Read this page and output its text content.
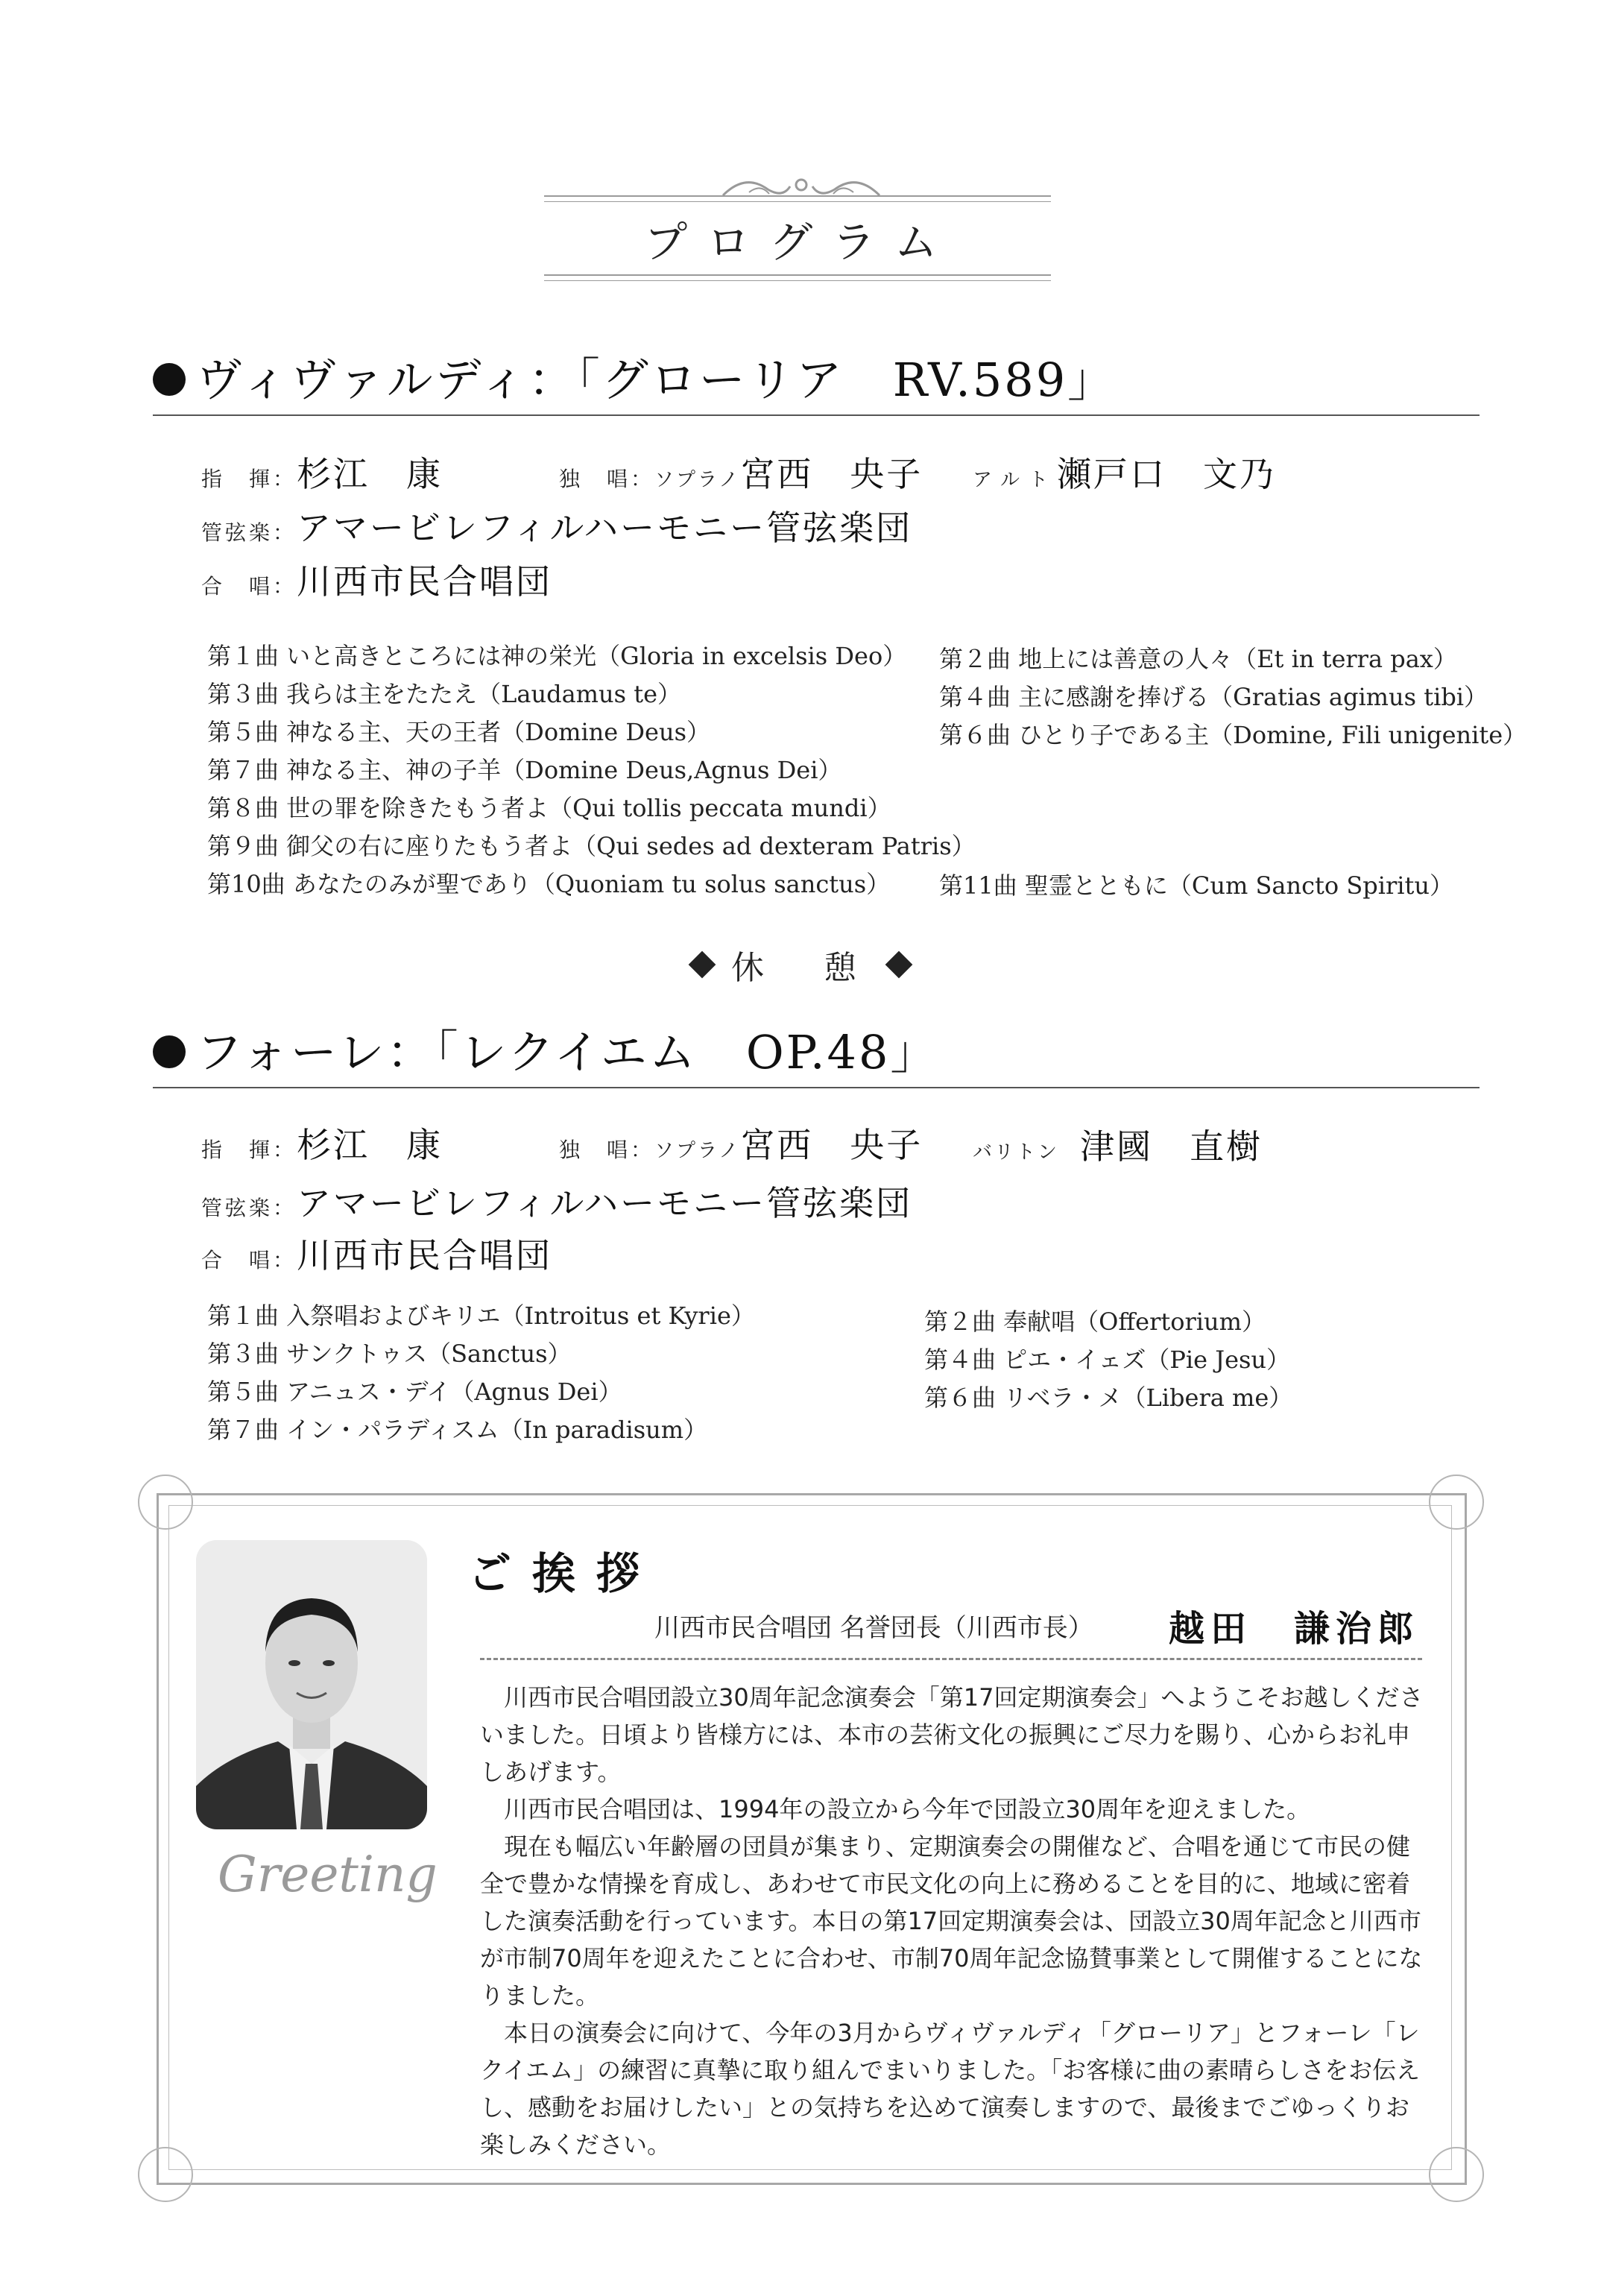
プログラム
ヴィヴァルディ：「グローリア　RV.589」
指　揮：杉江　康	独　唱：ソプラノ宮西　央子	アルト瀬戸口　文乃
管弦楽：アマービレフィルハーモニー管弦楽団
合　唱：川西市民合唱団
第１曲 いと高きところには神の栄光（Gloria in excelsis Deo）
第３曲 我らは主をたたえ（Laudamus te）
第５曲 神なる主、天の王者（Domine Deus）
第７曲 神なる主、神の子羊（Domine Deus,Agnus Dei）
第８曲 世の罪を除きたもう者よ（Qui tollis peccata mundi）
第９曲 御父の右に座りたもう者よ（Qui sedes ad dexteram Patris）
第10曲 あなたのみが聖であり（Quoniam tu solus sanctus）
第２曲 地上には善意の人々（Et in terra pax）
第４曲 主に感謝を捧げる（Gratias agimus tibi）
第６曲 ひとり子である主（Domine, Fili unigenite）
第11曲 聖霊とともに（Cum Sancto Spiritu）
休　憩
フォーレ：「レクイエム　OP.48」
指　揮：杉江　康	独　唱：ソプラノ宮西　央子	バリトン 津國　直樹
管弦楽：アマービレフィルハーモニー管弦楽団
合　唱：川西市民合唱団
第１曲 入祭唱およびキリエ（Introitus et Kyrie）
第３曲 サンクトゥス（Sanctus）
第５曲 アニュス・デイ（Agnus Dei）
第７曲 イン・パラディスム（In paradisum）
第２曲 奉献唱（Offertorium）
第４曲 ピエ・イェズ（Pie Jesu）
第６曲 リベラ・メ（Libera me）
Greeting
ご挨拶
川西市民合唱団 名誉団長（川西市長） 越田　謙治郎

川西市民合唱団設立30周年記念演奏会「第17回定期演奏会」へようこそお越しくださいました。日頃より皆様方には、本市の芸術文化の振興にご尽力を賜り、心からお礼申しあげます。

川西市民合唱団は、1994年の設立から今年で団設立30周年を迎えました。

現在も幅広い年齢層の団員が集まり、定期演奏会の開催など、合唱を通じて市民の健全で豊かな情操を育成し、あわせて市民文化の向上に務めることを目的に、地域に密着した演奏活動を行っています。本日の第17回定期演奏会は、団設立30周年記念と川西市が市制70周年を迎えたことに合わせ、市制70周年記念協賛事業として開催することになりました。

本日の演奏会に向けて、今年の3月からヴィヴァルディ「グローリア」とフォーレ「レクイエム」の練習に真摯に取り組んでまいりました。「お客様に曲の素晴らしさをお伝えし、感動をお届けしたい」との気持ちを込めて演奏しますので、最後までごゆっくりお楽しみください。
